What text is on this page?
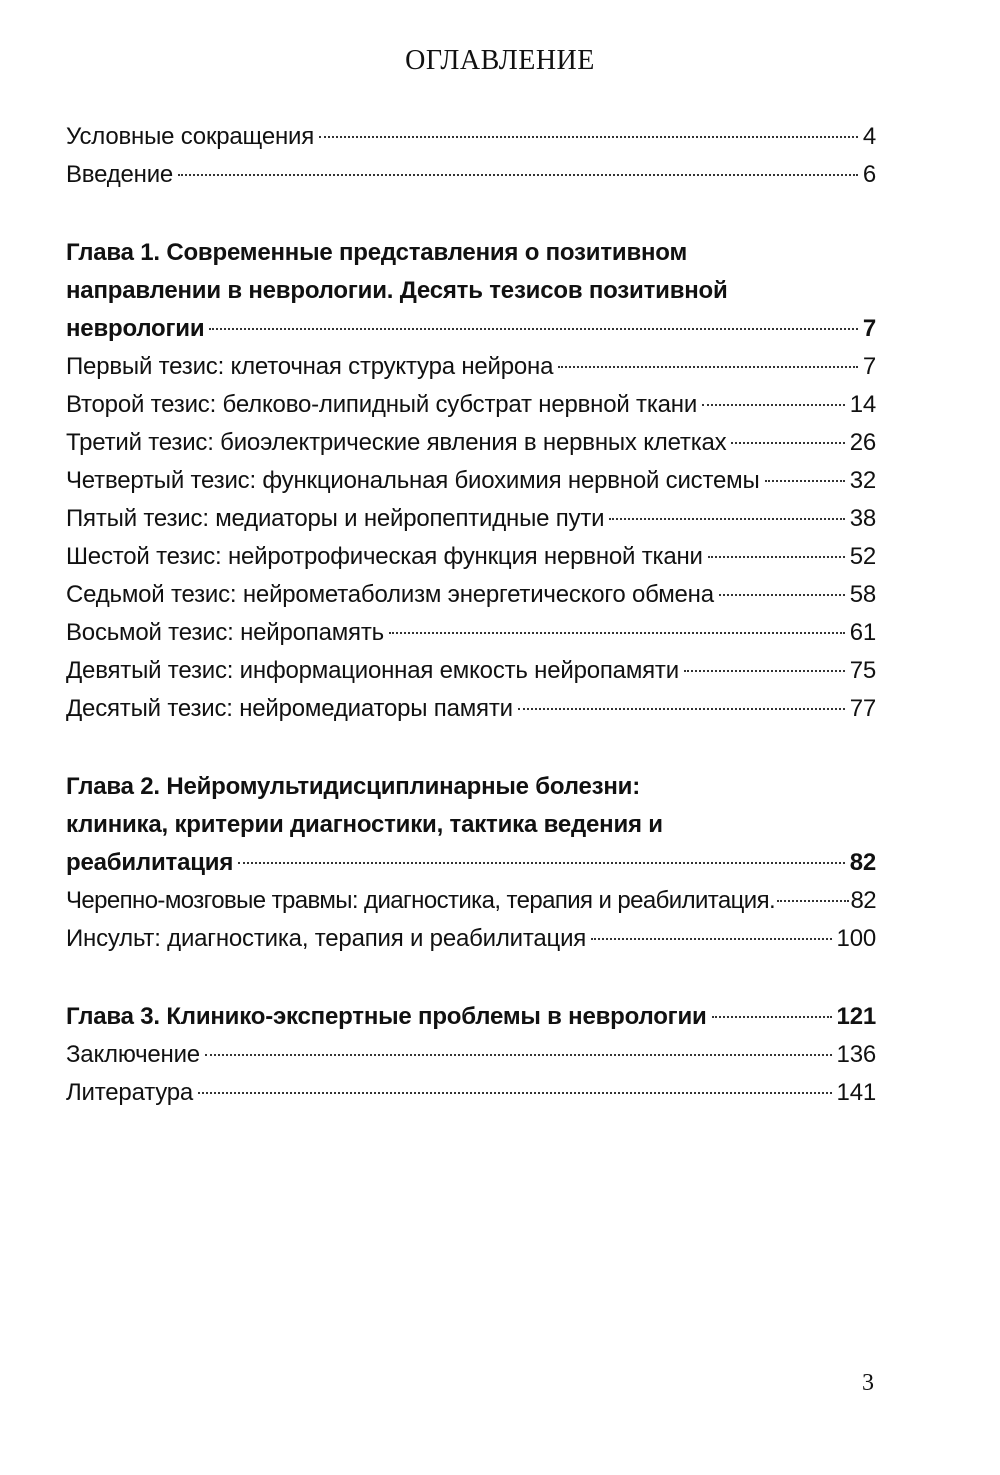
ОГЛАВЛЕНИЕ
Условные сокращения	4
Введение	6
Глава 1. Современные представления о позитивном
направлении в неврологии. Десять тезисов позитивной
неврологии	7
Первый тезис: клеточная структура нейрона	7
Второй тезис: белково-липидный субстрат нервной ткани	14
Третий тезис: биоэлектрические явления в нервных клетках	26
Четвертый тезис: функциональная биохимия нервной системы	32
Пятый тезис: медиаторы и нейропептидные пути	38
Шестой тезис: нейротрофическая функция нервной ткани	52
Седьмой тезис: нейрометаболизм энергетического обмена	58
Восьмой тезис: нейропамять	61
Девятый тезис: информационная емкость нейропамяти	75
Десятый тезис: нейромедиаторы памяти	77
Глава 2. Нейромультидисциплинарные болезни:
клиника, критерии диагностики, тактика ведения и
реабилитация	82
Черепно-мозговые травмы: диагностика, терапия и реабилитация.	82
Инсульт: диагностика, терапия и реабилитация	100
Глава 3. Клинико-экспертные проблемы в неврологии	121
Заключение	136
Литература	141
3
